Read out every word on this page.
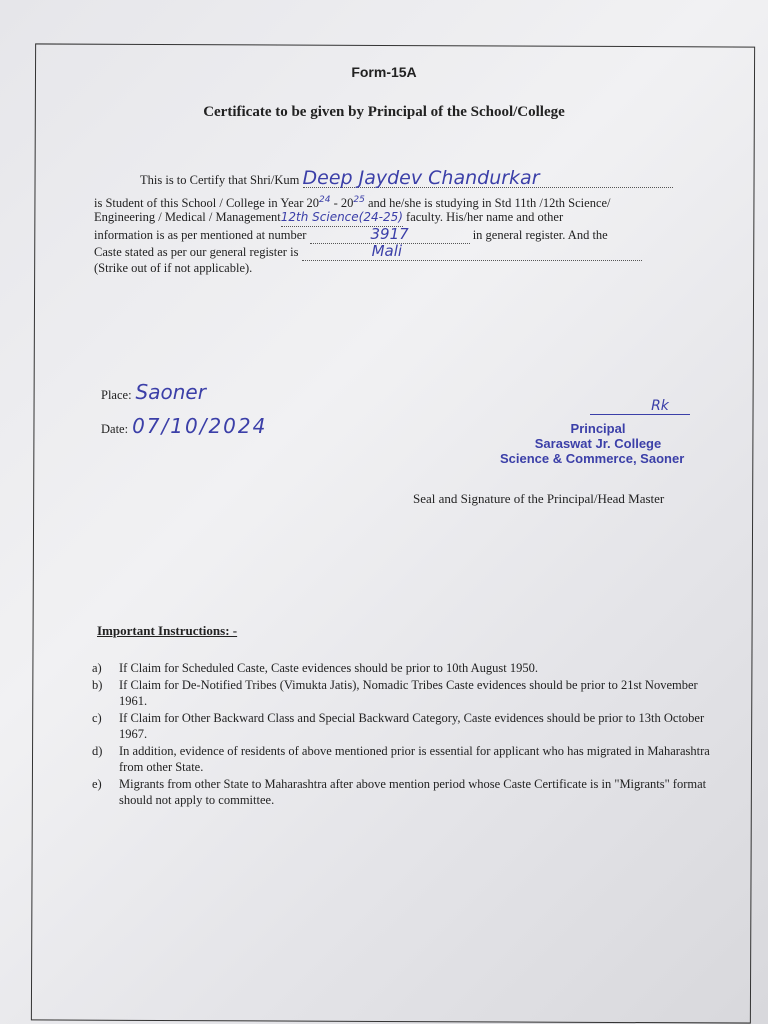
Form-15A
Certificate to be given by Principal of the School/College
This is to Certify that Shri/Kum Deep Jaydev Chandurkar
is Student of this School / College in Year $20^{24} - 20^{25}$ and he/she is studying in Std 11th /12th Science/
Engineering / Medical / Management12th Science(24-25) faculty. His/her name and other
information is as per mentioned at number	3917	in general register. And the
Caste stated as per our general register is	Mali
(Strike out of if not applicable).
Place: Saoner
Date: 07/10/2024
Rk
Principal
Saraswat Jr. College
Science & Commerce, Saoner
Seal and Signature of the Principal/Head Master
Important Instructions: -
a) If Claim for Scheduled Caste, Caste evidences should be prior to 10th August 1950.
b) If Claim for De-Notified Tribes (Vimukta Jatis), Nomadic Tribes Caste evidences should be prior to 21st November 1961.
c) If Claim for Other Backward Class and Special Backward Category, Caste evidences should be prior to 13th October 1967.
d) In addition, evidence of residents of above mentioned prior is essential for applicant who has migrated in Maharashtra from other State.
e) Migrants from other State to Maharashtra after above mention period whose Caste Certificate is in "Migrants" format should not apply to committee.
